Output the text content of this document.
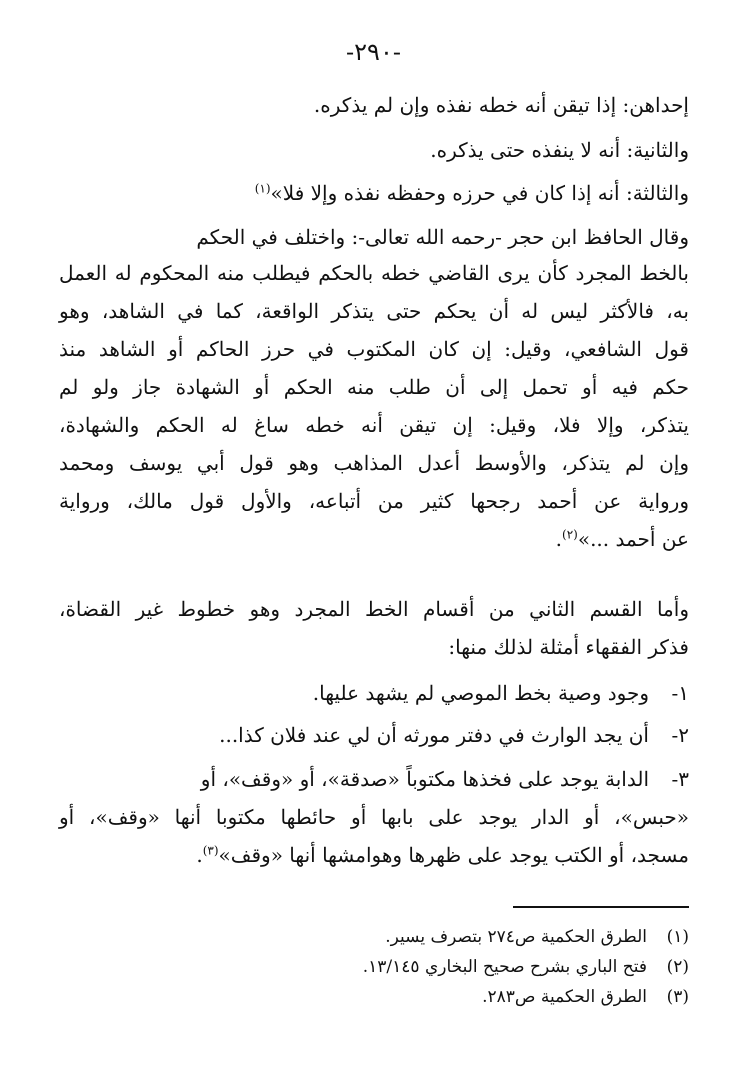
-٢٩٠-
إحداهن: إذا تيقن أنه خطه نفذه وإن لم يذكره.
والثانية: أنه لا ينفذه حتى يذكره.
والثالثة: أنه إذا كان في حرزه وحفظه نفذه وإلا فلا»$^{(١)}$
وقال الحافظ ابن حجر -رحمه الله تعالى-: واختلف في الحكم
بالخط المجرد كأن يرى القاضي خطه بالحكم فيطلب منه المحكوم له العمل
به، فالأكثر ليس له أن يحكم حتى يتذكر الواقعة، كما في الشاهد، وهو
قول الشافعي، وقيل: إن كان المكتوب في حرز الحاكم أو الشاهد منذ
حكم فيه أو تحمل إلى أن طلب منه الحكم أو الشهادة جاز ولو لم
يتذكر، وإلا فلا، وقيل: إن تيقن أنه خطه ساغ له الحكم والشهادة،
وإن لم يتذكر، والأوسط أعدل المذاهب وهو قول أبي يوسف ومحمد
ورواية عن أحمد رجحها كثير من أتباعه، والأول قول مالك، ورواية
عن أحمد ...»$^{(٢)}$.
وأما القسم الثاني من أقسام الخط المجرد وهو خطوط غير القضاة،
فذكر الفقهاء أمثلة لذلك منها:
١-وجود وصية بخط الموصي لم يشهد عليها.
٢-أن يجد الوارث في دفتر مورثه أن لي عند فلان كذا...
٣-الدابة يوجد على فخذها مكتوباً «صدقة»، أو «وقف»، أو
«حبس»، أو الدار يوجد على بابها أو حائطها مكتوبا أنها «وقف»، أو
مسجد، أو الكتب يوجد على ظهرها وهوامشها أنها «وقف»$^{(٣)}$.
(١)الطرق الحكمية ص٢٧٤ بتصرف يسير.
(٢)فتح الباري بشرح صحيح البخاري ١٣/١٤٥.
(٣)الطرق الحكمية ص٢٨٣.
